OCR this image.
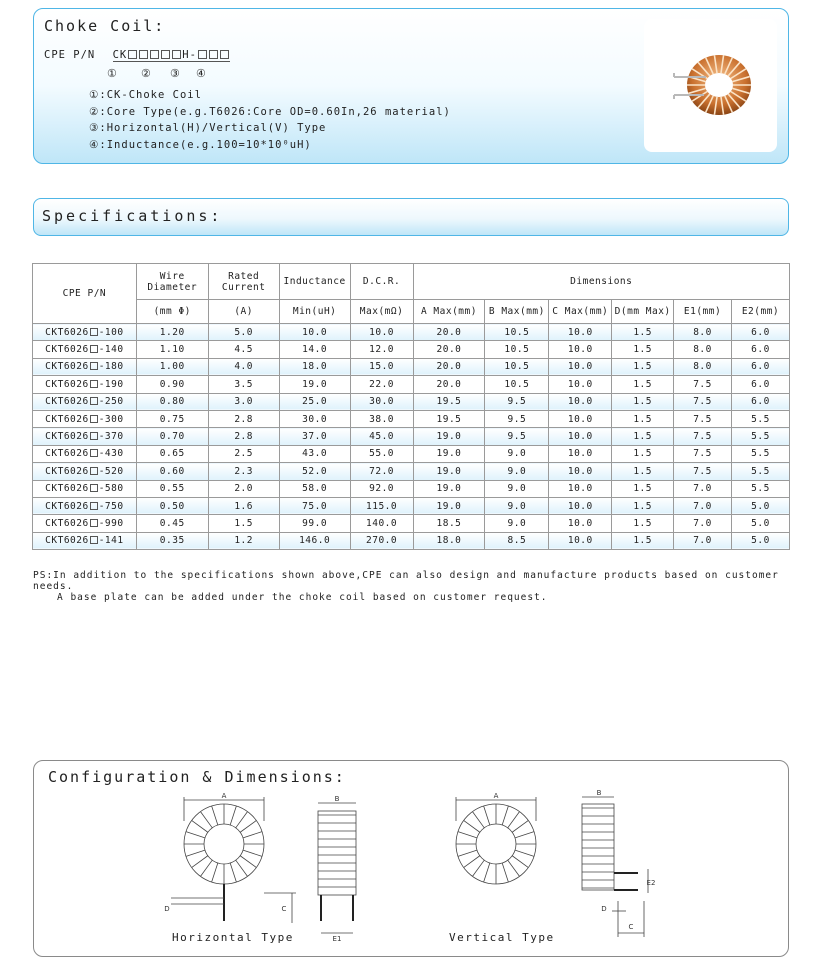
Choke Coil:
CPE P/N CK	H-
① ② ③ ④
①:CK-Choke Coil
②:Core Type(e.g.T6026:Core OD=0.60In,26 material)
③:Horizontal(H)/Vertical(V) Type
④:Inductance(e.g.100=10*10⁰uH)
Specifications:
CPE P/N	Wire Diameter	Rated Current	Inductance	D.C.R.	Dimensions					
	(mm Φ)	(A)	Min(uH)	Max(mΩ)	A Max(mm)	B Max(mm)	C Max(mm)	D(mm Max)	E1(mm)	E2(mm)
CKT6026 -100	1.20	5.0	10.0	10.0	20.0	10.5	10.0	1.5	8.0	6.0
CKT6026 -140	1.10	4.5	14.0	12.0	20.0	10.5	10.0	1.5	8.0	6.0
CKT6026 -180	1.00	4.0	18.0	15.0	20.0	10.5	10.0	1.5	8.0	6.0
CKT6026 -190	0.90	3.5	19.0	22.0	20.0	10.5	10.0	1.5	7.5	6.0
CKT6026 -250	0.80	3.0	25.0	30.0	19.5	9.5	10.0	1.5	7.5	6.0
CKT6026 -300	0.75	2.8	30.0	38.0	19.5	9.5	10.0	1.5	7.5	5.5
CKT6026 -370	0.70	2.8	37.0	45.0	19.0	9.5	10.0	1.5	7.5	5.5
CKT6026 -430	0.65	2.5	43.0	55.0	19.0	9.0	10.0	1.5	7.5	5.5
CKT6026 -520	0.60	2.3	52.0	72.0	19.0	9.0	10.0	1.5	7.5	5.5
CKT6026 -580	0.55	2.0	58.0	92.0	19.0	9.0	10.0	1.5	7.0	5.5
CKT6026 -750	0.50	1.6	75.0	115.0	19.0	9.0	10.0	1.5	7.0	5.0
CKT6026 -990	0.45	1.5	99.0	140.0	18.5	9.0	10.0	1.5	7.0	5.0
CKT6026 -141	0.35	1.2	146.0	270.0	18.0	8.5	10.0	1.5	7.0	5.0
PS:In addition to the specifications shown above,CPE can also design and manufacture products based on customer needs.
A base plate can be added under the choke coil based on customer request.
Configuration & Dimensions:
A
D	C
B
E1
A	B
E2
D
C
Horizontal Type	Vertical Type
